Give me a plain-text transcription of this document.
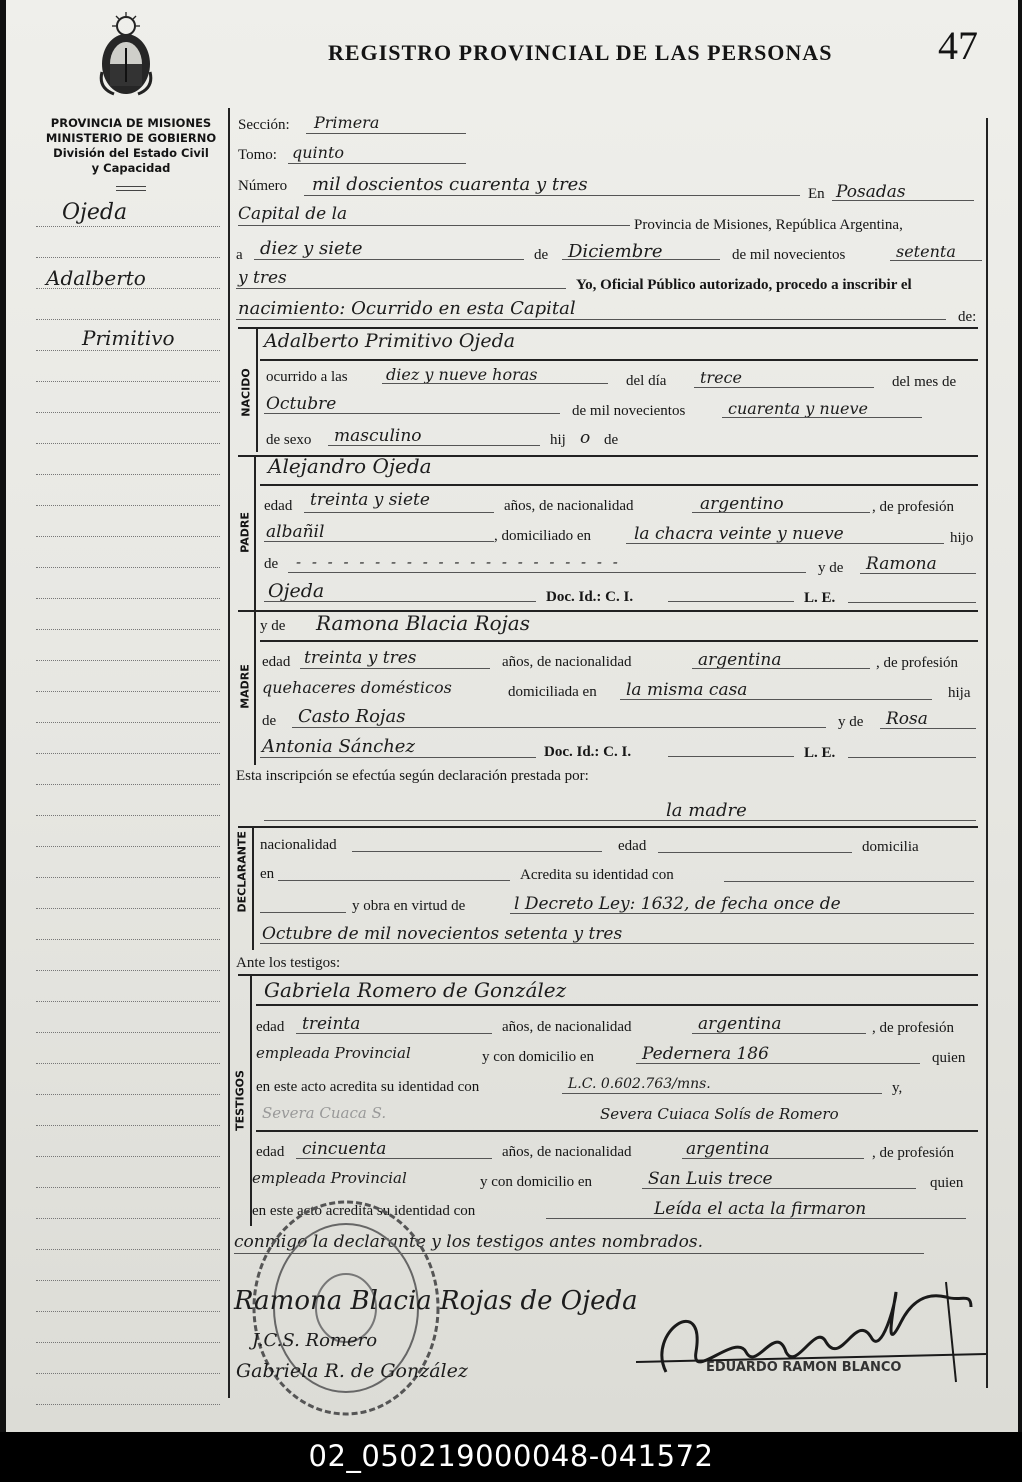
REGISTRO PROVINCIAL DE LAS PERSONAS	47
PROVINCIA DE MISIONES
MINISTERIO DE GOBIERNO
División del Estado Civil
y Capacidad
Ojeda
Adalberto
Primitivo
Sección: Primera
Tomo: quinto
Número mil doscientos cuarenta y tres	En Posadas
Capital de la
Provincia de Misiones, República Argentina,
a diez y siete	de Diciembre	de mil novecientos	setenta
y tres	Yo, Oficial Público autorizado, procedo a inscribir el
nacimiento: Ocurrido en esta Capital	de:
NACIDO
Adalberto Primitivo Ojeda
ocurrido a las diez y nueve horas	del día trece	del mes de
Octubre	de mil novecientos	cuarenta y nueve
de sexo masculino	hij o de
PADRE
Alejandro Ojeda
edad treinta y siete	años, de nacionalidad	argentino	, de profesión
albañil	, domiciliado en	la chacra veinte y nueve	hijo
de - - - - - - - - - - - - - - - - - - - - -	y de Ramona
Ojeda	Doc. Id.: C. I.	L. E.
MADRE
y de Ramona Blacia Rojas
edad treinta y tres	años, de nacionalidad	argentina	, de profesión
quehaceres domésticos	domiciliada en la misma casa	hija
de Casto Rojas	y de Rosa
Antonia Sánchez	Doc. Id.: C. I.	L. E.
Esta inscripción se efectúa según declaración prestada por:
la madre
DECLARANTE nacionalidad	edad	domicilia
en	Acredita su identidad con
y obra en virtud de	l Decreto Ley: 1632, de fecha once de
Octubre de mil novecientos setenta y tres
Ante los testigos:
TESTIGOS
Gabriela Romero de González
edad treinta	años, de nacionalidad	argentina	, de profesión
empleada Provincial	y con domicilio en	Pedernera 186	quien
en este acto acredita su identidad con	L.C. 0.602.763/mns.	y,
Severa Cuaca S.	Severa Cuiaca Solís de Romero
edad cincuenta	años, de nacionalidad	argentina	, de profesión
empleada Provincial	y con domicilio en	San Luis trece	quien
en este acto acredita su identidad con	Leída el acta la firmaron
conmigo la declarante y los testigos antes nombrados.
Ramona Blacia Rojas de Ojeda
J.C.S. Romero
Gabriela R. de González	EDUARDO RAMON BLANCO
02_050219000048-041572
